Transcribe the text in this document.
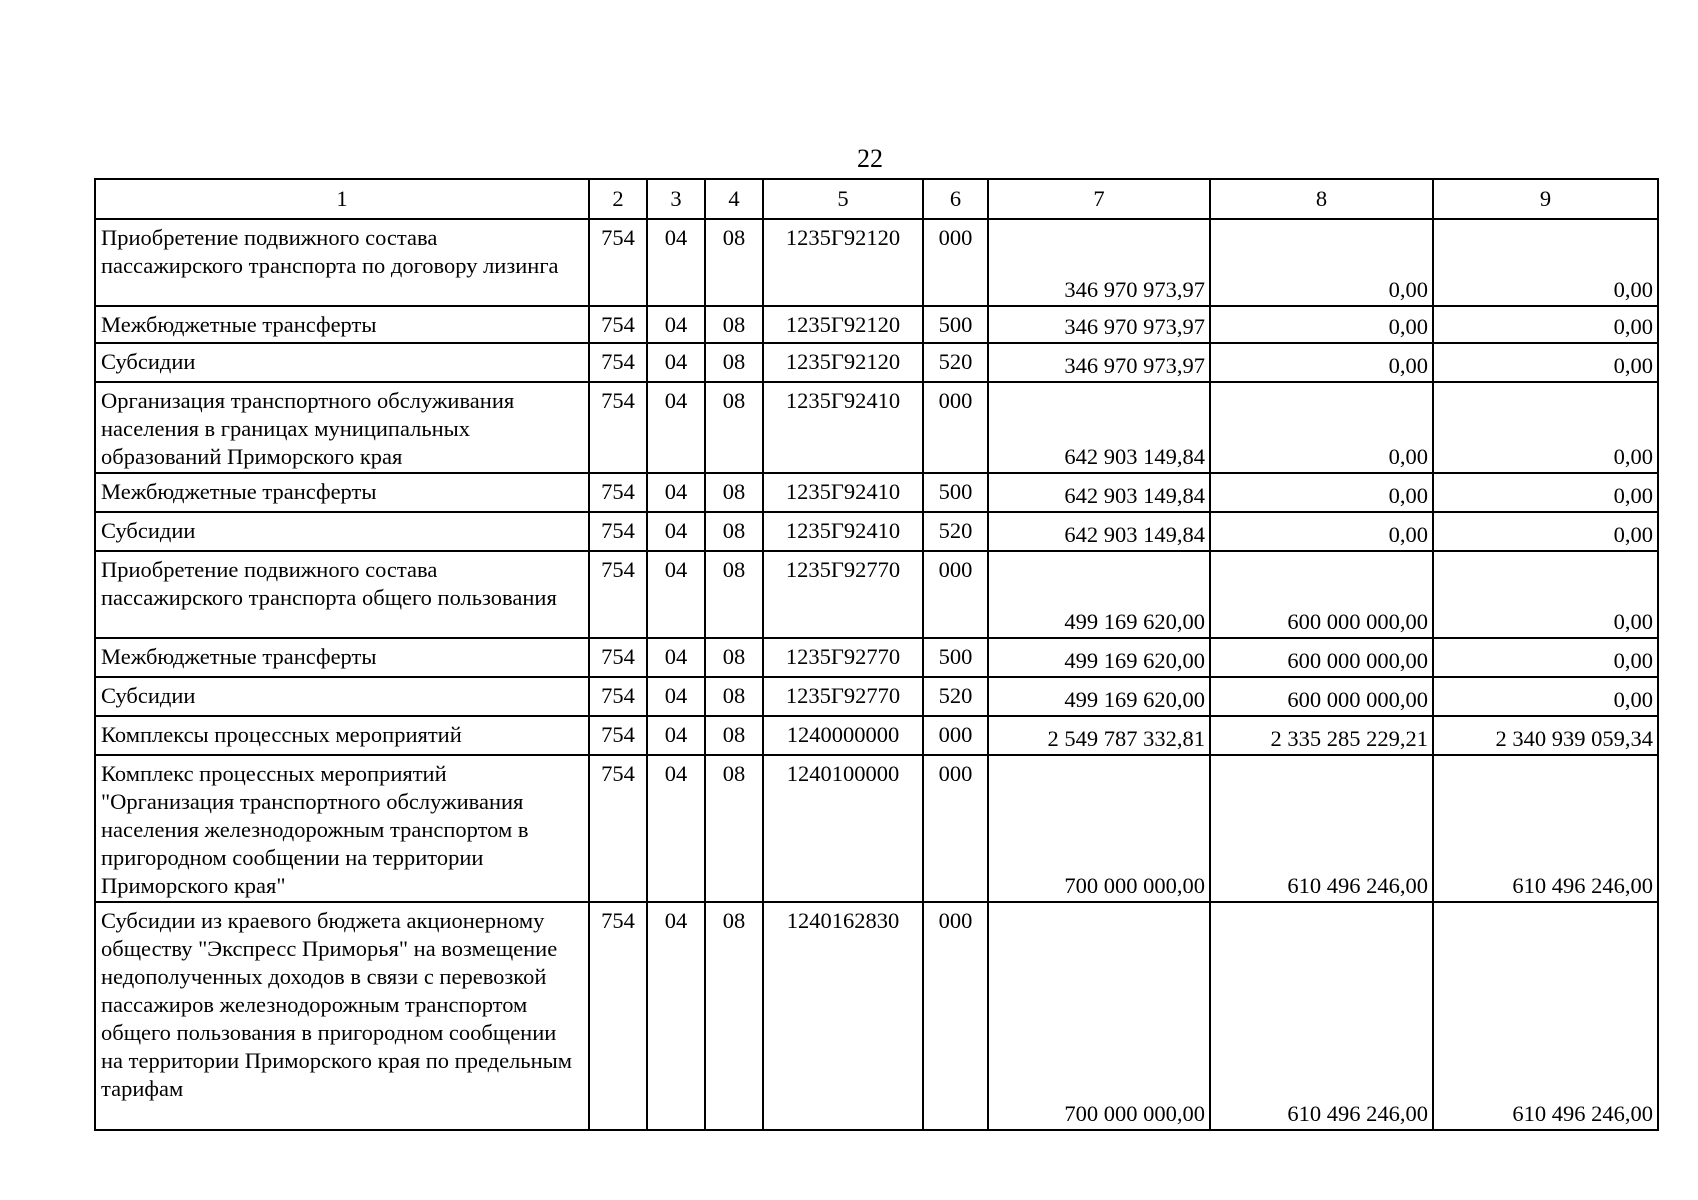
22
1	2	3	4	5	6	7	8	9
Приобретение подвижного состава пассажирского транспорта по договору лизинга	754	04	08	1235Г92120	000	346 970 973,97	0,00	0,00
Межбюджетные трансферты	754	04	08	1235Г92120	500	346 970 973,97	0,00	0,00
Субсидии	754	04	08	1235Г92120	520	346 970 973,97	0,00	0,00
Организация транспортного обслуживания населения в границах муниципальных образований Приморского края	754	04	08	1235Г92410	000	642 903 149,84	0,00	0,00
Межбюджетные трансферты	754	04	08	1235Г92410	500	642 903 149,84	0,00	0,00
Субсидии	754	04	08	1235Г92410	520	642 903 149,84	0,00	0,00
Приобретение подвижного состава пассажирского транспорта общего пользования	754	04	08	1235Г92770	000	499 169 620,00	600 000 000,00	0,00
Межбюджетные трансферты	754	04	08	1235Г92770	500	499 169 620,00	600 000 000,00	0,00
Субсидии	754	04	08	1235Г92770	520	499 169 620,00	600 000 000,00	0,00
Комплексы процессных мероприятий	754	04	08	1240000000	000	2 549 787 332,81	2 335 285 229,21	2 340 939 059,34
Комплекс процессных мероприятий "Организация транспортного обслуживания населения железнодорожным транспортом в пригородном сообщении на территории Приморского края"	754	04	08	1240100000	000	700 000 000,00	610 496 246,00	610 496 246,00
Субсидии из краевого бюджета акционерному обществу "Экспресс Приморья" на возмещение недополученных доходов в связи с перевозкой пассажиров железнодорожным транспортом общего пользования в пригородном сообщении на территории Приморского края по предельным тарифам	754	04	08	1240162830	000	700 000 000,00	610 496 246,00	610 496 246,00
